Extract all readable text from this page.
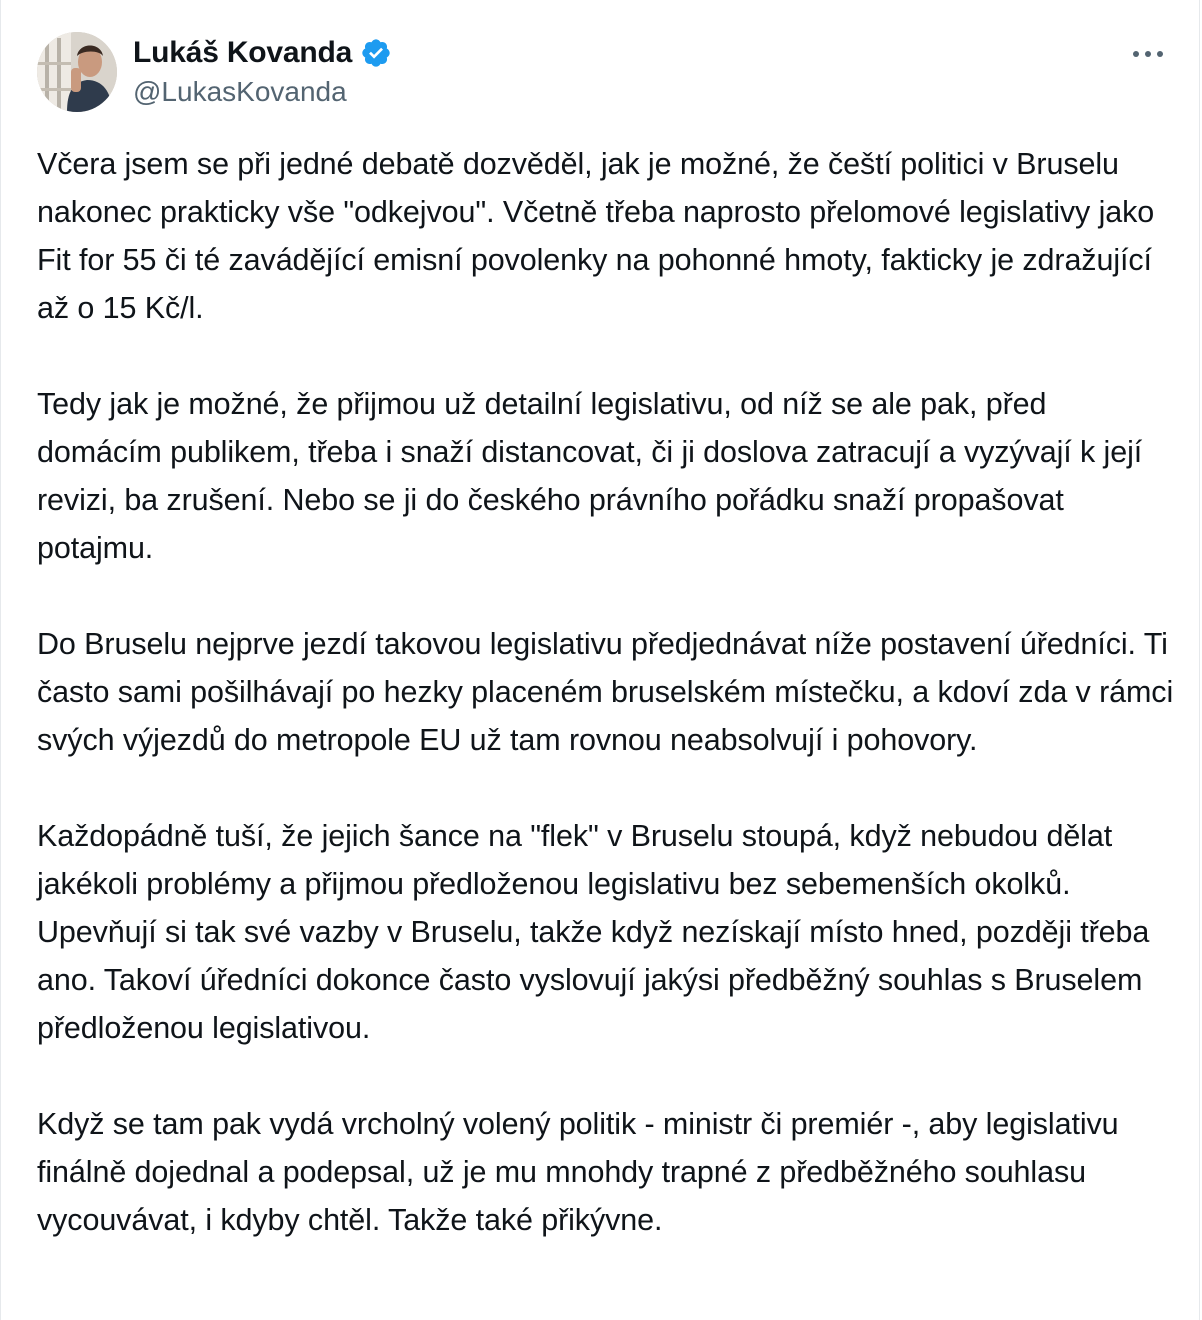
Lukáš Kovanda
@LukasKovanda

Včera jsem se při jedné debatě dozvěděl, jak je možné, že čeští politici v Bruselu nakonec prakticky vše "odkejvou". Včetně třeba naprosto přelomové legislativy jako Fit for 55 či té zavádějící emisní povolenky na pohonné hmoty, fakticky je zdražující až o 15 Kč/l.

Tedy jak je možné, že přijmou už detailní legislativu, od níž se ale pak, před domácím publikem, třeba i snaží distancovat, či ji doslova zatracují a vyzývají k její revizi, ba zrušení. Nebo se ji do českého právního pořádku snaží propašovat potajmu.

Do Bruselu nejprve jezdí takovou legislativu předjednávat níže postavení úředníci. Ti často sami pošilhávají po hezky placeném bruselském místečku, a kdoví zda v rámci svých výjezdů do metropole EU už tam rovnou neabsolvují i pohovory.

Každopádně tuší, že jejich šance na "flek" v Bruselu stoupá, když nebudou dělat jakékoli problémy a přijmou předloženou legislativu bez sebemenších okolků. Upevňují si tak své vazby v Bruselu, takže když nezískají místo hned, později třeba ano. Takoví úředníci dokonce často vyslovují jakýsi předběžný souhlas s Bruselem předloženou legislativou.

Když se tam pak vydá vrcholný volený politik - ministr či premiér -, aby legislativu finálně dojednal a podepsal, už je mu mnohdy trapné z předběžného souhlasu vycouvávat, i kdyby chtěl. Takže také přikývne.
